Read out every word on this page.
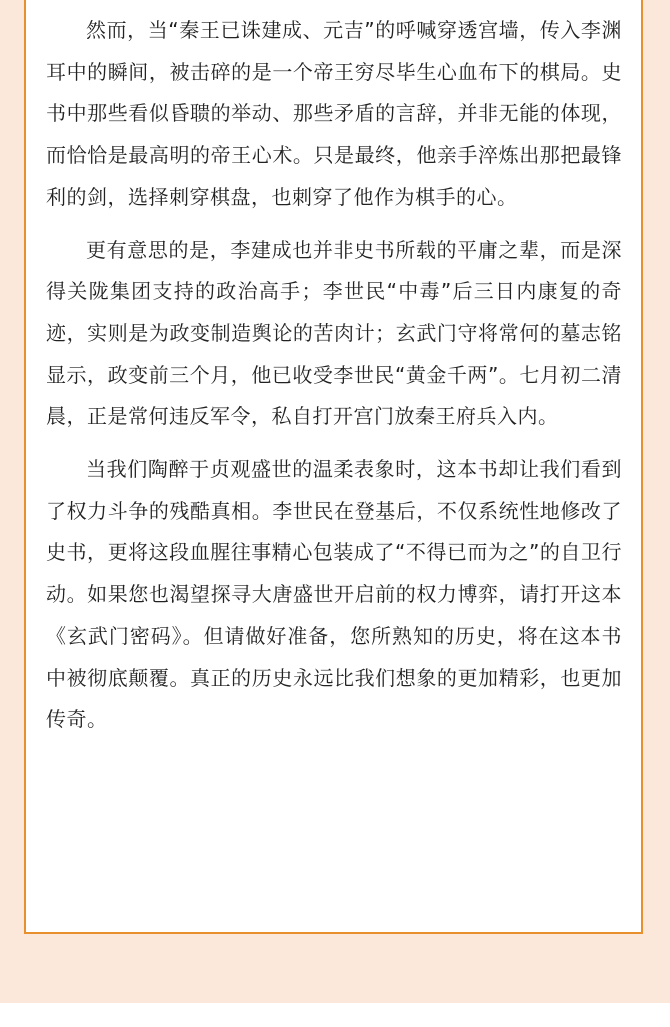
然而，当“秦王已诛建成、元吉”的呼喊穿透宫墙，传入李渊耳中的瞬间，被击碎的是一个帝王穷尽毕生心血布下的棋局。史书中那些看似昏聩的举动、那些矛盾的言辞，并非无能的体现，而恰恰是最高明的帝王心术。只是最终，他亲手淬炼出那把最锋利的剑，选择刺穿棋盘，也刺穿了他作为棋手的心。

更有意思的是，李建成也并非史书所载的平庸之辈，而是深得关陇集团支持的政治高手；李世民“中毒”后三日内康复的奇迹，实则是为政变制造舆论的苦肉计；玄武门守将常何的墓志铭显示，政变前三个月，他已收受李世民“黄金千两”。七月初二清晨，正是常何违反军令，私自打开宫门放秦王府兵入内。

当我们陶醉于贞观盛世的温柔表象时，这本书却让我们看到了权力斗争的残酷真相。李世民在登基后，不仅系统性地修改了史书，更将这段血腥往事精心包装成了“不得已而为之”的自卫行动。如果您也渴望探寻大唐盛世开启前的权力博弈，请打开这本《玄武门密码》。但请做好准备，您所熟知的历史，将在这本书中被彻底颠覆。真正的历史永远比我们想象的更加精彩，也更加传奇。
